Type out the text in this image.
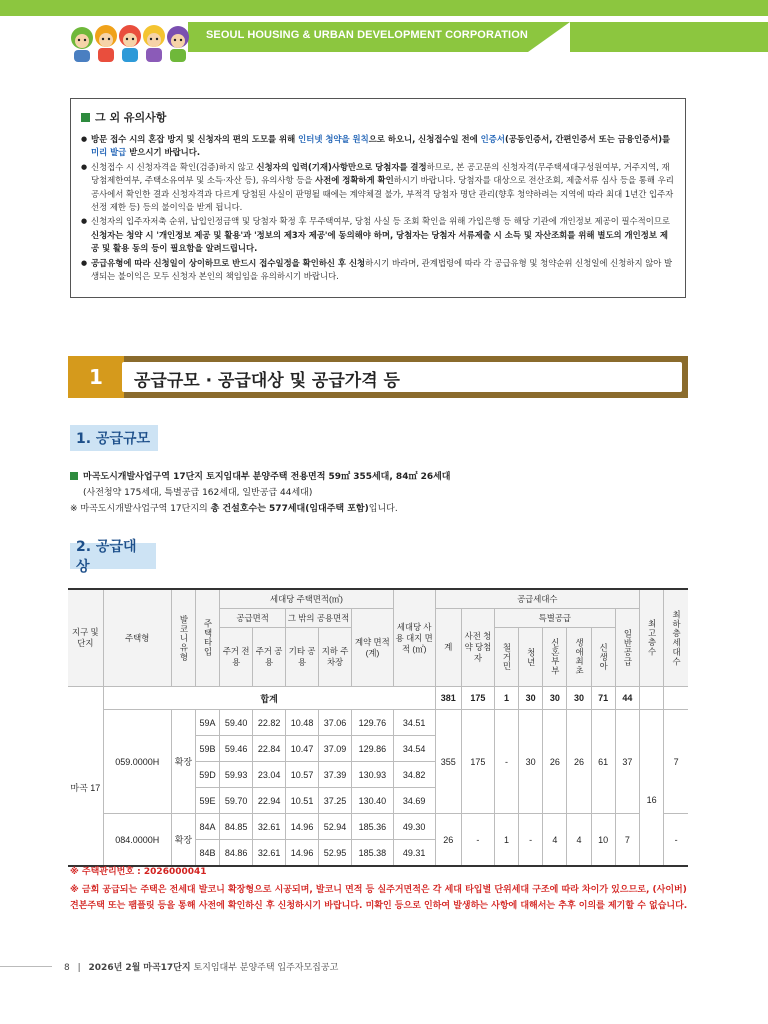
SEOUL HOUSING & URBAN DEVELOPMENT CORPORATION
그 외 유의사항
● 방문 접수 시의 혼잡 방지 및 신청자의 편의 도모를 위해 인터넷 청약을 원칙으로 하오니, 신청접수일 전에 인증서(공동인증서, 간편인증서 또는 금융인증서)를 미리 발급 받으시기 바랍니다.
● 신청접수 시 신청자격을 확인(검증)하지 않고 신청자의 입력(기재)사항만으로 당첨자를 결정하므로, 본 공고문의 신청자격(무주택세대구성원여부, 거주지역, 재당첨제한여부, 주택소유여부 및 소득·자산 등), 유의사항 등을 사전에 정확하게 확인하시기 바랍니다. 당첨자를 대상으로 전산조회, 제출서류 심사 등을 통해 우리공사에서 확인한 결과 신청자격과 다르게 당첨된 사실이 판명될 때에는 계약체결 불가, 부적격 당첨자 명단 관리(향후 청약하려는 지역에 따라 최대 1년간 입주자 선정 제한 등) 등의 불이익을 받게 됩니다.
● 신청자의 입주자저축 순위, 납입인정금액 및 당첨자 확정 후 무주택여부, 당첨 사실 등 조회 확인을 위해 가입은행 등 해당 기관에 개인정보 제공이 필수적이므로 신청자는 청약 시 '개인정보 제공 및 활용'과 '정보의 제3자 제공'에 동의해야 하며, 당첨자는 당첨자 서류제출 시 소득 및 자산조회를 위해 별도의 개인정보 제공 및 활용 동의 등이 필요함을 알려드립니다.
● 공급유형에 따라 신청일이 상이하므로 반드시 접수일정을 확인하신 후 신청하시기 바라며, 관계법령에 따라 각 공급유형 및 청약순위 신청일에 신청하지 않아 발생되는 불이익은 모두 신청자 본인의 책임임을 유의하시기 바랍니다.
1	공급규모 · 공급대상 및 공급가격 등
1. 공급규모
마곡도시개발사업구역 17단지 토지임대부 분양주택 전용면적 59㎡ 355세대, 84㎡ 26세대
(사전청약 175세대, 특별공급 162세대, 일반공급 44세대)
※ 마곡도시개발사업구역 17단지의 총 건설호수는 577세대(임대주택 포함)입니다.
2. 공급대상
지구 및 단지	주택형	발코니유형	주택타입	세대당 주택면적(㎡)					세대당 사용 대지 면적 (㎡)	공급세대수								최고층수	최하층세대수

				공급면적		그 밖의 공용면적		계약 면적 (계)		계	사전 청약 당첨자	특별공급					일반공급		

				주거 전용	주거 공용	기타 공용	지하 주차장					철거민	청년	신혼부부	생애최초	신생아			

	합계									381	175	1	30	30	30	71	44		
마곡 17	059.0000H	확장	59A	59.40	22.82	10.48	37.06	129.76	34.51	355	175	-	30	26	26	61	37	16	7
			59B	59.46	22.84	10.47	37.09	129.86	34.54										
			59D	59.93	23.04	10.57	37.39	130.93	34.82										
			59E	59.70	22.94	10.51	37.25	130.40	34.69										
	084.0000H	확장	84A	84.85	32.61	14.96	52.94	185.36	49.30	26	-	1	-	4	4	10	7		-
			84B	84.86	32.61	14.96	52.95	185.38	49.31										
※ 주택관리번호 : 2026000041
※ 금회 공급되는 주택은 전세대 발코니 확장형으로 시공되며, 발코니 면적 등 실주거면적은 각 세대 타입별 단위세대 구조에 따라 차이가 있으므로, (사이버)견본주택 또는 팸플릿 등을 통해 사전에 확인하신 후 신청하시기 바랍니다. 미확인 등으로 인하여 발생하는 사항에 대해서는 추후 이의를 제기할 수 없습니다.
8 | 2026년 2월 마곡17단지 토지임대부 분양주택 입주자모집공고
